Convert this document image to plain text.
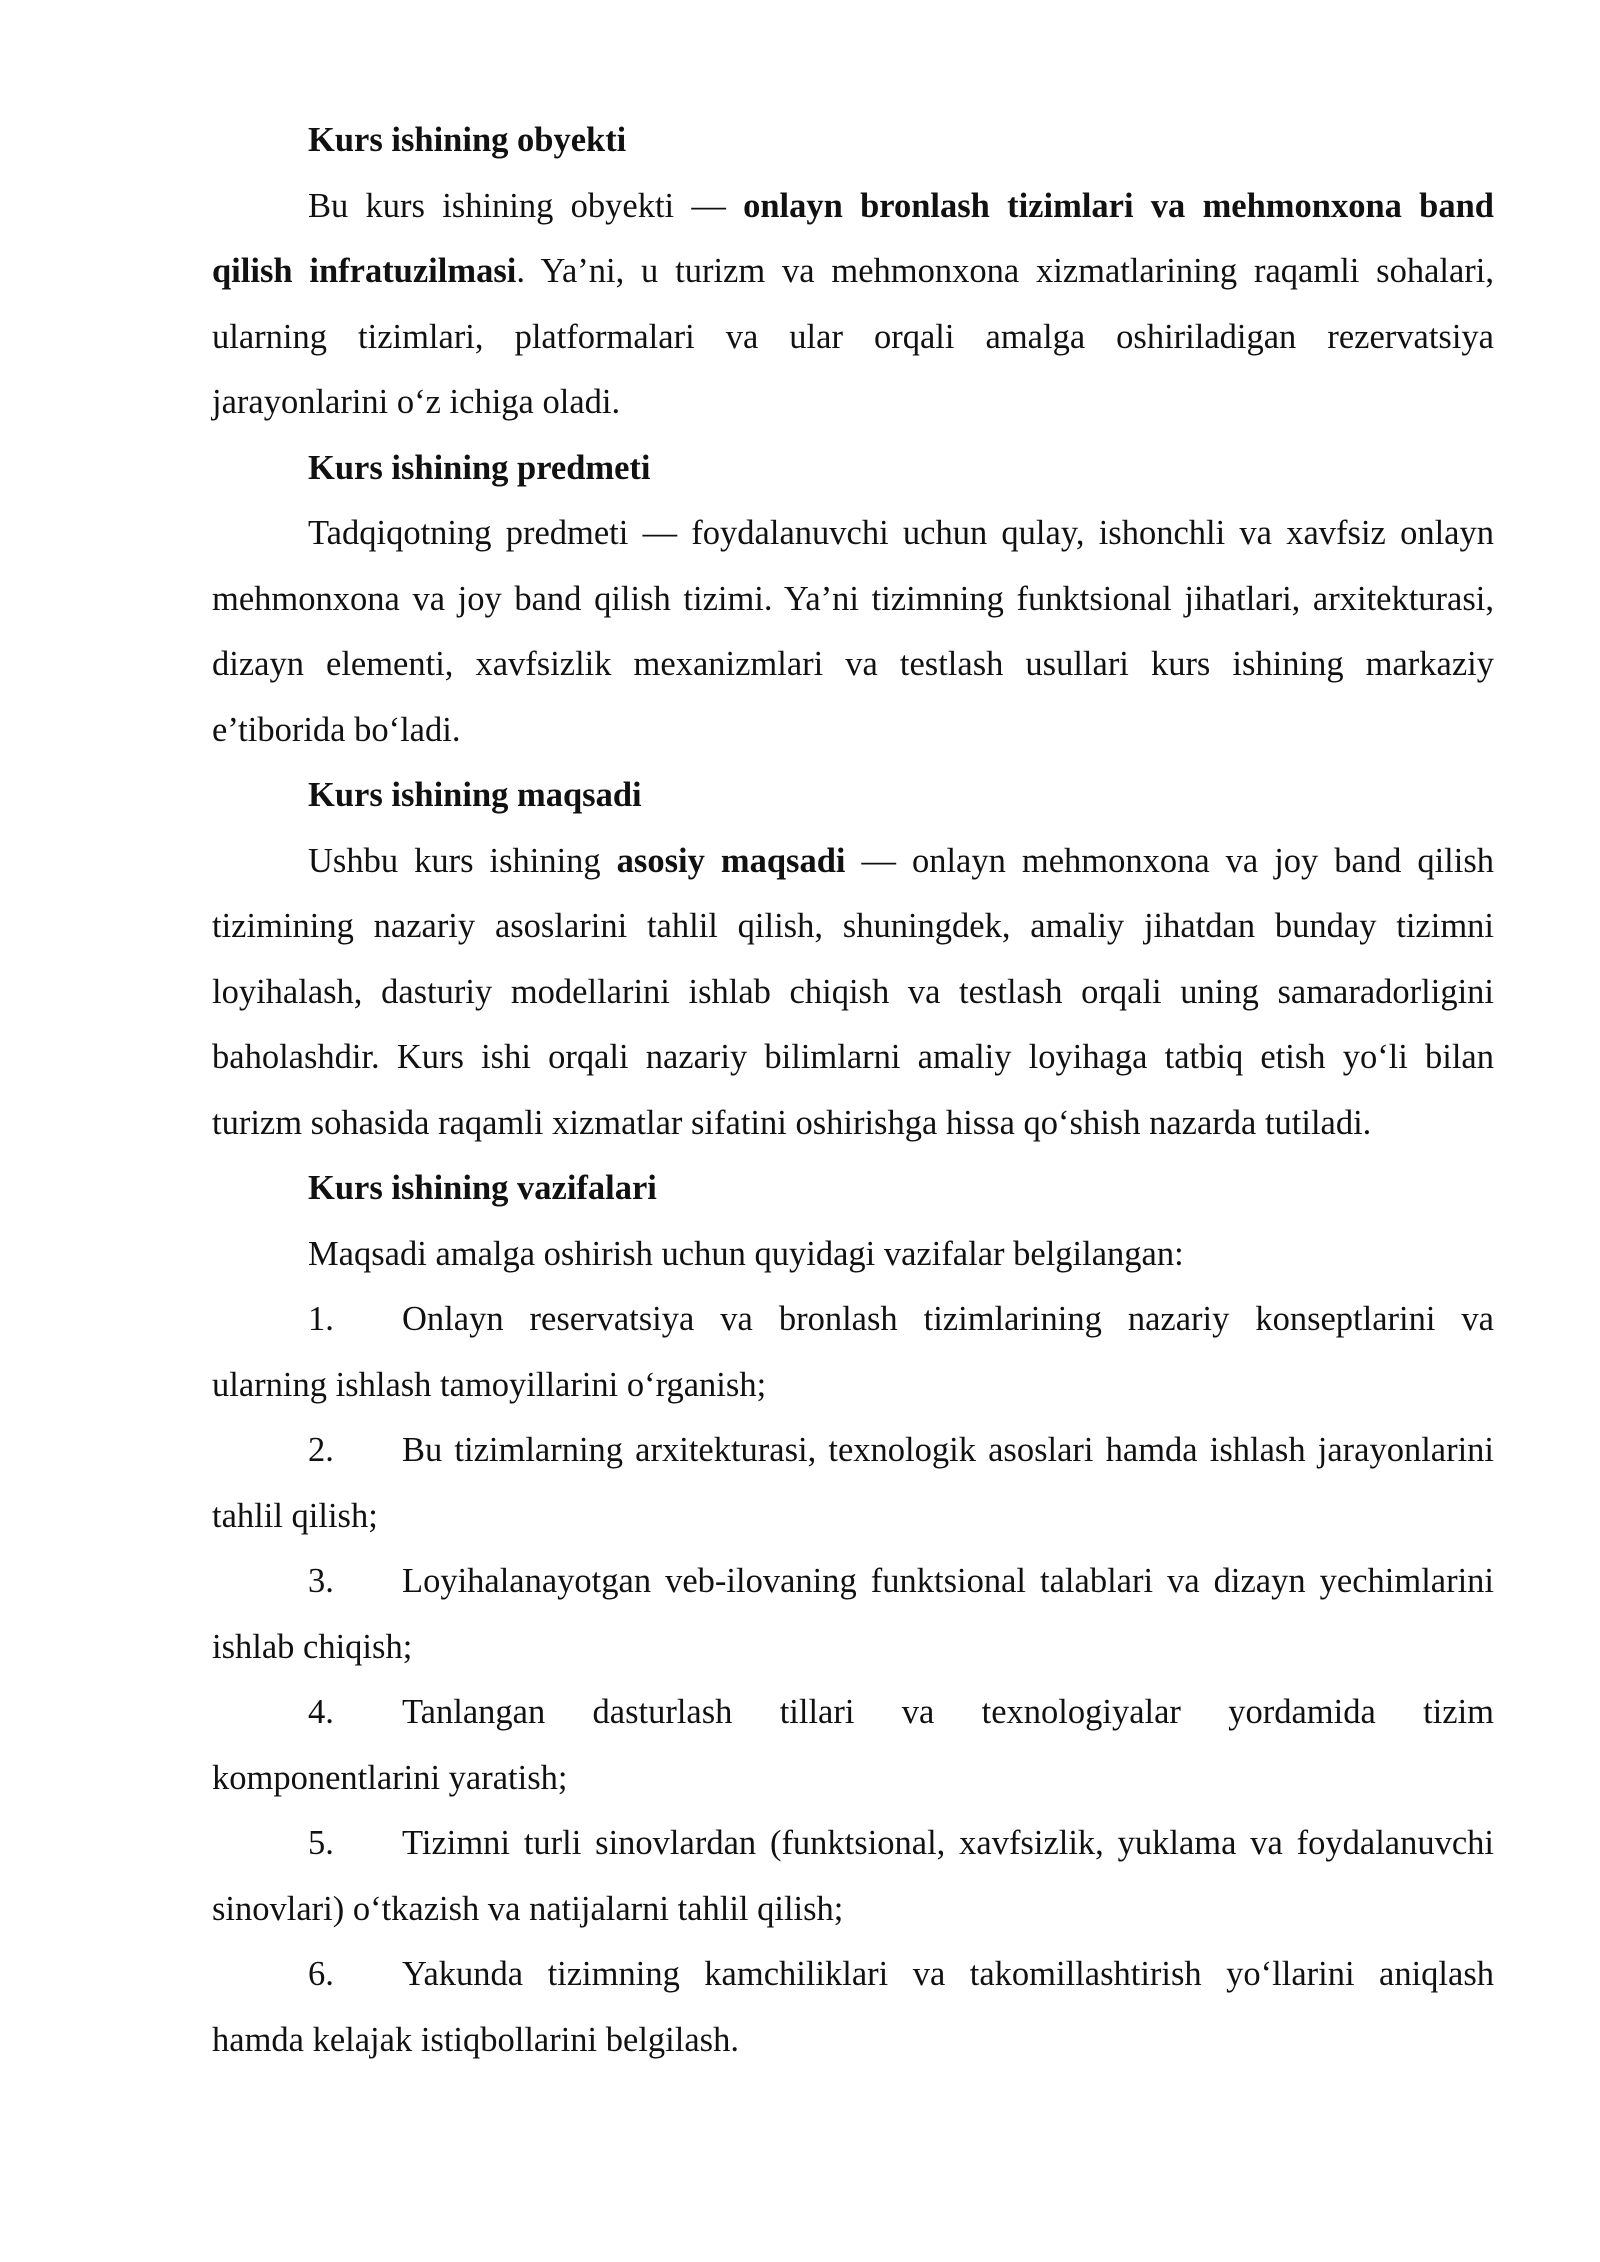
Kurs ishining obyekti

Bu kurs ishining obyekti — onlayn bronlash tizimlari va mehmonxona band qilish infratuzilmasi. Ya’ni, u turizm va mehmonxona xizmatlarining raqamli sohalari, ularning tizimlari, platformalari va ular orqali amalga oshiriladigan rezervatsiya jarayonlarini o‘z ichiga oladi.

Kurs ishining predmeti

Tadqiqotning predmeti — foydalanuvchi uchun qulay, ishonchli va xavfsiz onlayn mehmonxona va joy band qilish tizimi. Ya’ni tizimning funktsional jihatlari, arxitekturasi, dizayn elementi, xavfsizlik mexanizmlari va testlash usullari kurs ishining markaziy e’tiborida bo‘ladi.

Kurs ishining maqsadi

Ushbu kurs ishining asosiy maqsadi — onlayn mehmonxona va joy band qilish tizimining nazariy asoslarini tahlil qilish, shuningdek, amaliy jihatdan bunday tizimni loyihalash, dasturiy modellarini ishlab chiqish va testlash orqali uning samaradorligini baholashdir. Kurs ishi orqali nazariy bilimlarni amaliy loyihaga tatbiq etish yo‘li bilan turizm sohasida raqamli xizmatlar sifatini oshirishga hissa qo‘shish nazarda tutiladi.

Kurs ishining vazifalari

Maqsadi amalga oshirish uchun quyidagi vazifalar belgilangan:

1. Onlayn reservatsiya va bronlash tizimlarining nazariy konseptlarini va ularning ishlash tamoyillarini o‘rganish;

2. Bu tizimlarning arxitekturasi, texnologik asoslari hamda ishlash jarayonlarini tahlil qilish;

3. Loyihalanayotgan veb-ilovaning funktsional talablari va dizayn yechimlarini ishlab chiqish;

4. Tanlangan dasturlash tillari va texnologiyalar yordamida tizim komponentlarini yaratish;

5. Tizimni turli sinovlardan (funktsional, xavfsizlik, yuklama va foydalanuvchi sinovlari) o‘tkazish va natijalarni tahlil qilish;

6. Yakunda tizimning kamchiliklari va takomillashtirish yo‘llarini aniqlash hamda kelajak istiqbollarini belgilash.
